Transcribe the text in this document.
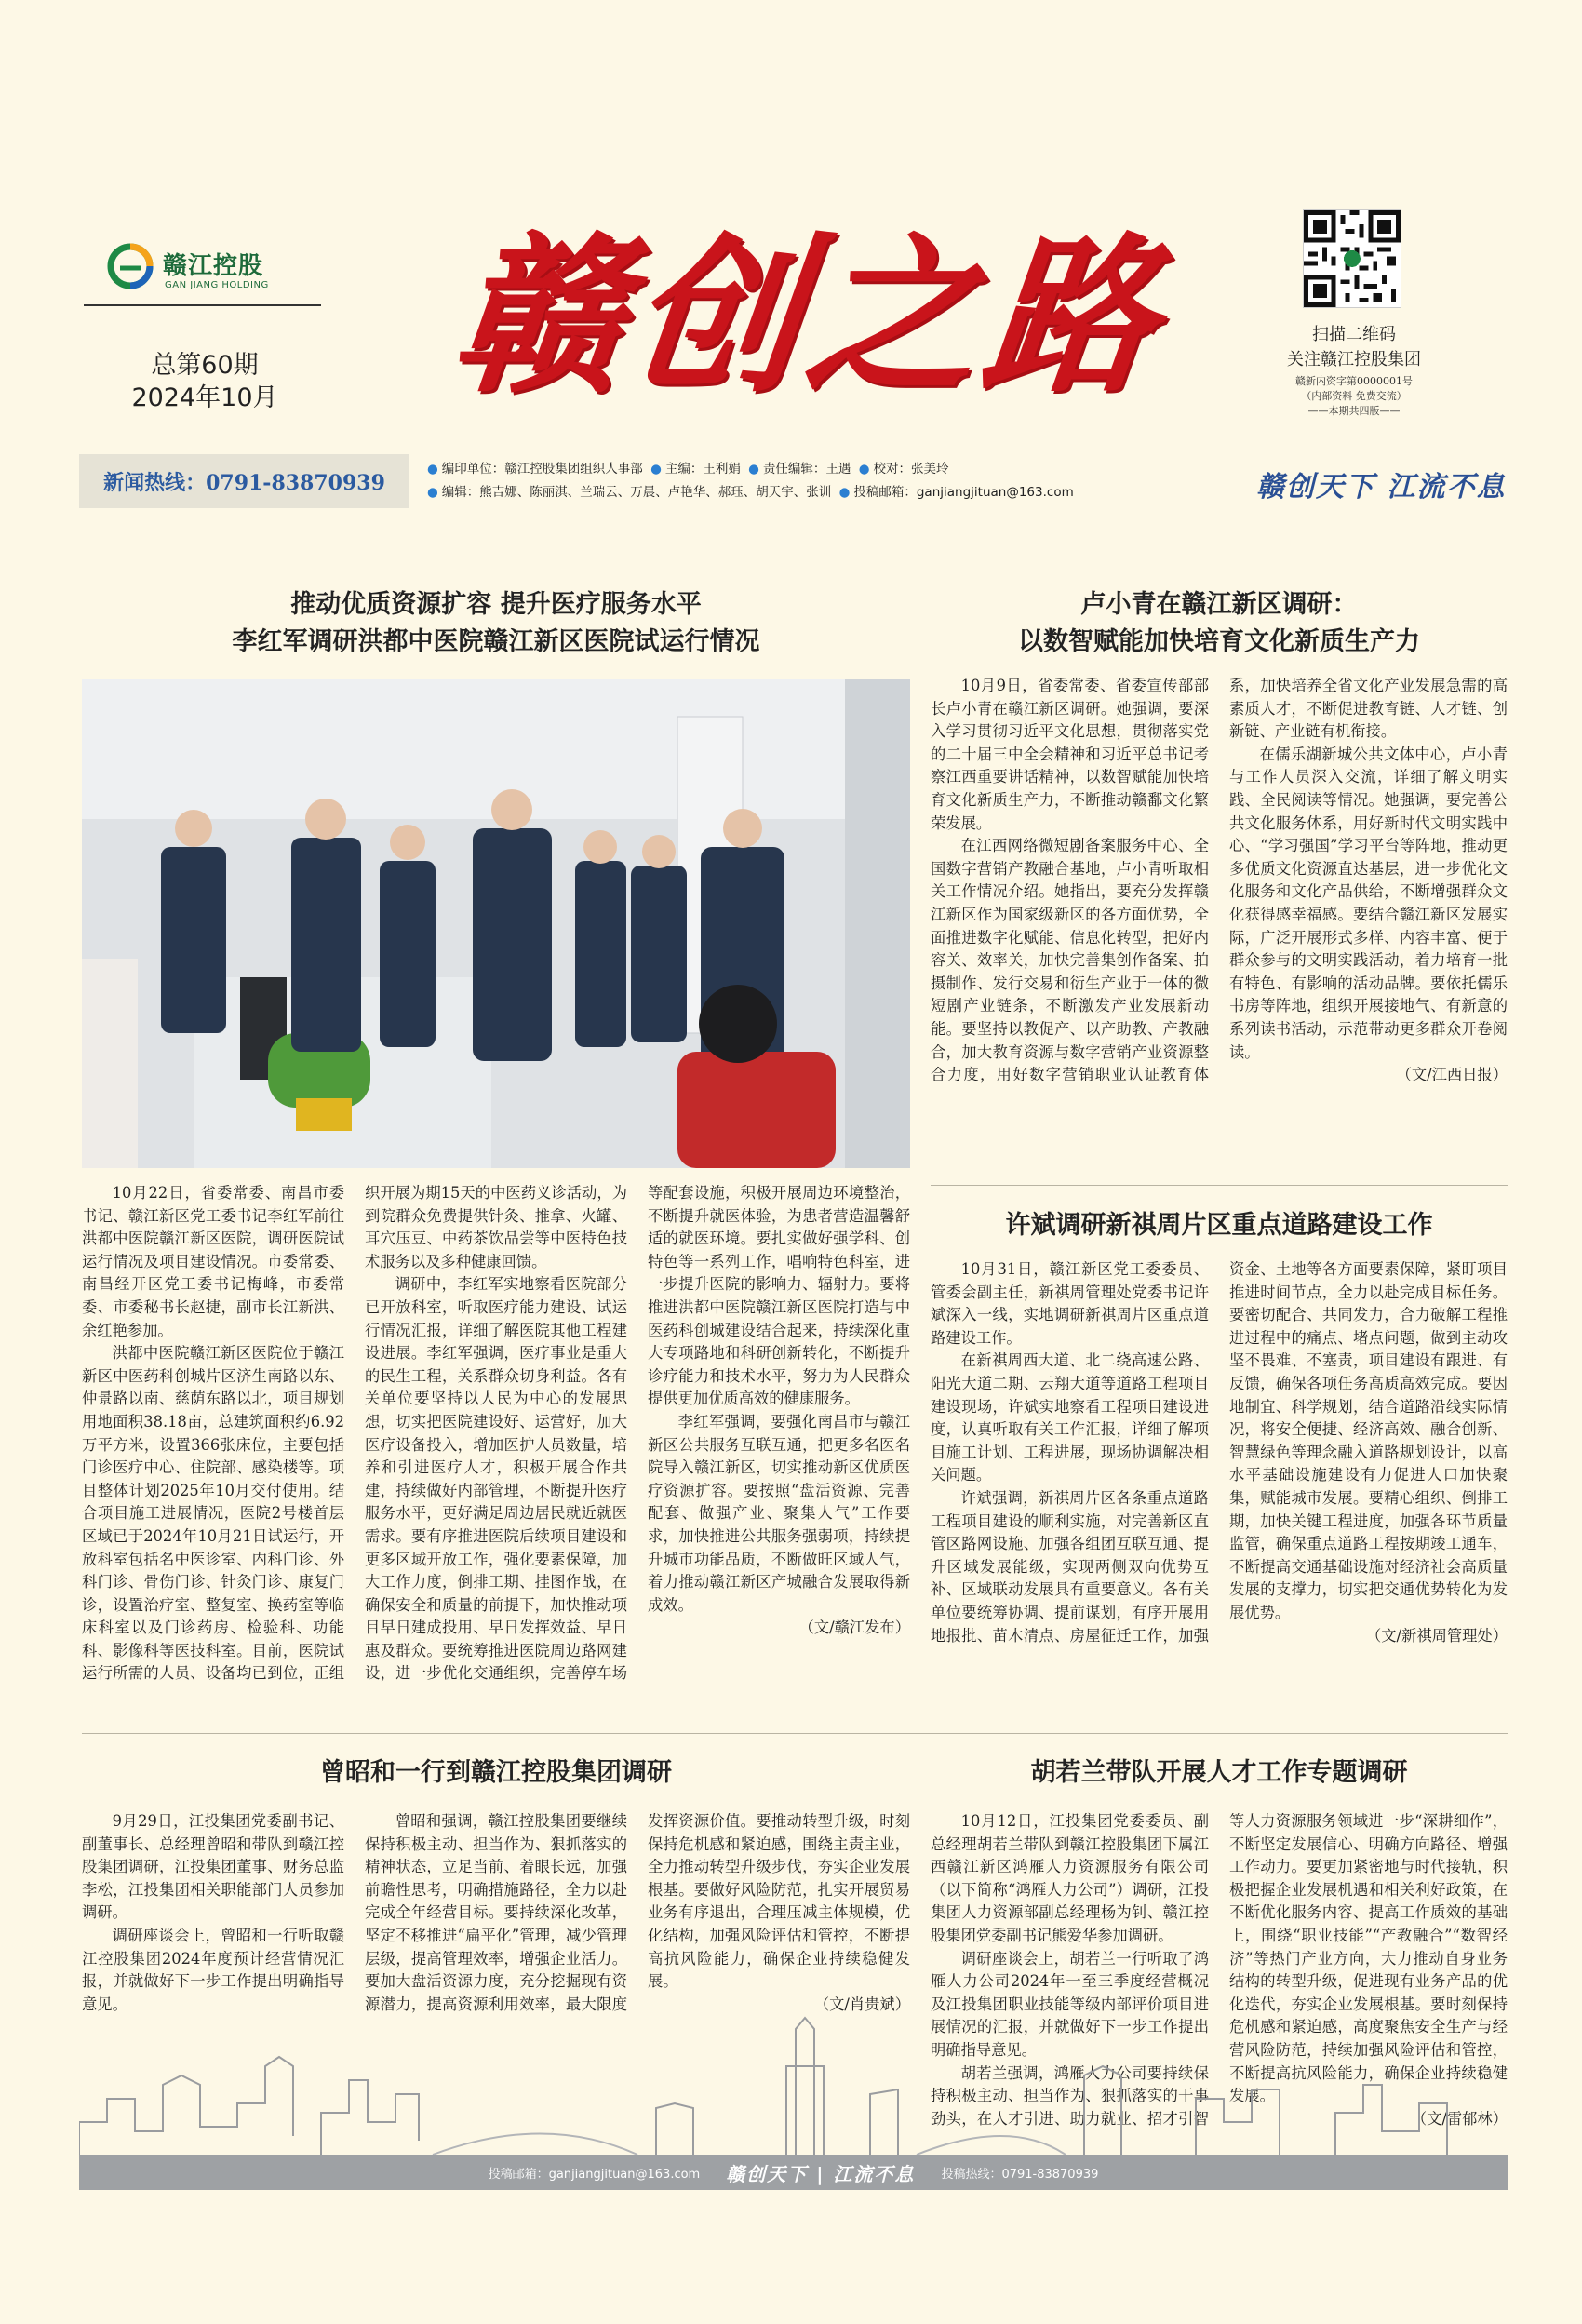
赣江控股
GAN JIANG HOLDING
总第60期
2024年10月 赣创之路	扫描二维码
关注赣江控股集团
赣新内资字第0000001号
（内部资料 免费交流）
——本期共四版——
新闻热线：0791-83870939
● 编印单位：赣江控股集团组织人事部 ● 主编：王利娟 ● 责任编辑：王遇 ● 校对：张美玲
● 编辑：熊吉娜、陈丽淇、兰瑞云、万晨、卢艳华、郝珏、胡天宇、张训 ● 投稿邮箱：ganjiangjituan@163.com	赣创天下 江流不息
推动优质资源扩容 提升医疗服务水平
李红军调研洪都中医院赣江新区医院试运行情况

10月22日，省委常委、南昌市委书记、赣江新区党工委书记李红军前往洪都中医院赣江新区医院，调研医院试运行情况及项目建设情况。市委常委、南昌经开区党工委书记梅峰，市委常委、市委秘书长赵捷，副市长江新洪、余红艳参加。

洪都中医院赣江新区医院位于赣江新区中医药科创城片区济生南路以东、仲景路以南、慈荫东路以北，项目规划用地面积38.18亩，总建筑面积约6.92万平方米，设置366张床位，主要包括门诊医疗中心、住院部、感染楼等。项目整体计划2025年10月交付使用。结合项目施工进展情况，医院2号楼首层区域已于2024年10月21日试运行，开放科室包括名中医诊室、内科门诊、外科门诊、骨伤门诊、针灸门诊、康复门诊，设置治疗室、整复室、换药室等临床科室以及门诊药房、检验科、功能科、影像科等医技科室。目前，医院试运行所需的人员、设备均已到位，正组织开展为期15天的中医药义诊活动，为到院群众免费提供针灸、推拿、火罐、耳穴压豆、中药茶饮品尝等中医特色技术服务以及多种健康回馈。

调研中，李红军实地察看医院部分已开放科室，听取医疗能力建设、试运行情况汇报，详细了解医院其他工程建设进展。李红军强调，医疗事业是重大的民生工程，关系群众切身利益。各有关单位要坚持以人民为中心的发展思想，切实把医院建设好、运营好，加大医疗设备投入，增加医护人员数量，培养和引进医疗人才，积极开展合作共建，持续做好内部管理，不断提升医疗服务水平，更好满足周边居民就近就医需求。要有序推进医院后续项目建设和更多区域开放工作，强化要素保障，加大工作力度，倒排工期、挂图作战，在确保安全和质量的前提下，加快推动项目早日建成投用、早日发挥效益、早日惠及群众。要统筹推进医院周边路网建设，进一步优化交通组织，完善停车场等配套设施，积极开展周边环境整治，不断提升就医体验，为患者营造温馨舒适的就医环境。要扎实做好强学科、创特色等一系列工作，唱响特色科室，进一步提升医院的影响力、辐射力。要将推进洪都中医院赣江新区医院打造与中医药科创城建设结合起来，持续深化重大专项路地和科研创新转化，不断提升诊疗能力和技术水平，努力为人民群众提供更加优质高效的健康服务。

李红军强调，要强化南昌市与赣江新区公共服务互联互通，把更多名医名院导入赣江新区，切实推动新区优质医疗资源扩容。要按照“盘活资源、完善配套、做强产业、聚集人气”工作要求，加快推进公共服务强弱项，持续提升城市功能品质，不断做旺区域人气，着力推动赣江新区产城融合发展取得新成效。

（文/赣江发布）
卢小青在赣江新区调研：
以数智赋能加快培育文化新质生产力

10月9日，省委常委、省委宣传部部长卢小青在赣江新区调研。她强调，要深入学习贯彻习近平文化思想，贯彻落实党的二十届三中全会精神和习近平总书记考察江西重要讲话精神，以数智赋能加快培育文化新质生产力，不断推动赣鄱文化繁荣发展。

在江西网络微短剧备案服务中心、全国数字营销产教融合基地，卢小青听取相关工作情况介绍。她指出，要充分发挥赣江新区作为国家级新区的各方面优势，全面推进数字化赋能、信息化转型，把好内容关、效率关，加快完善集创作备案、拍摄制作、发行交易和衍生产业于一体的微短剧产业链条，不断激发产业发展新动能。要坚持以教促产、以产助教、产教融合，加大教育资源与数字营销产业资源整合力度，用好数字营销职业认证教育体系，加快培养全省文化产业发展急需的高素质人才，不断促进教育链、人才链、创新链、产业链有机衔接。

在儒乐湖新城公共文体中心，卢小青与工作人员深入交流，详细了解文明实践、全民阅读等情况。她强调，要完善公共文化服务体系，用好新时代文明实践中心、“学习强国”学习平台等阵地，推动更多优质文化资源直达基层，进一步优化文化服务和文化产品供给，不断增强群众文化获得感幸福感。要结合赣江新区发展实际，广泛开展形式多样、内容丰富、便于群众参与的文明实践活动，着力培育一批有特色、有影响的活动品牌。要依托儒乐书房等阵地，组织开展接地气、有新意的系列读书活动，示范带动更多群众开卷阅读。

（文/江西日报）
许斌调研新祺周片区重点道路建设工作

10月31日，赣江新区党工委委员、管委会副主任，新祺周管理处党委书记许斌深入一线，实地调研新祺周片区重点道路建设工作。

在新祺周西大道、北二绕高速公路、阳光大道二期、云翔大道等道路工程项目建设现场，许斌实地察看工程项目建设进度，认真听取有关工作汇报，详细了解项目施工计划、工程进展，现场协调解决相关问题。

许斌强调，新祺周片区各条重点道路工程项目建设的顺利实施，对完善新区直管区路网设施、加强各组团互联互通、提升区域发展能级，实现两侧双向优势互补、区域联动发展具有重要意义。各有关单位要统筹协调、提前谋划，有序开展用地报批、苗木清点、房屋征迁工作，加强资金、土地等各方面要素保障，紧盯项目推进时间节点，全力以赴完成目标任务。要密切配合、共同发力，合力破解工程推进过程中的痛点、堵点问题，做到主动攻坚不畏难、不塞责，项目建设有跟进、有反馈，确保各项任务高质高效完成。要因地制宜、科学规划，结合道路沿线实际情况，将安全便捷、经济高效、融合创新、智慧绿色等理念融入道路规划设计，以高水平基础设施建设有力促进人口加快聚集，赋能城市发展。要精心组织、倒排工期，加快关键工程进度，加强各环节质量监管，确保重点道路工程按期竣工通车，不断提高交通基础设施对经济社会高质量发展的支撑力，切实把交通优势转化为发展优势。

（文/新祺周管理处）
曾昭和一行到赣江控股集团调研

9月29日，江投集团党委副书记、副董事长、总经理曾昭和带队到赣江控股集团调研，江投集团董事、财务总监李松，江投集团相关职能部门人员参加调研。

调研座谈会上，曾昭和一行听取赣江控股集团2024年度预计经营情况汇报，并就做好下一步工作提出明确指导意见。

曾昭和强调，赣江控股集团要继续保持积极主动、担当作为、狠抓落实的精神状态，立足当前、着眼长远，加强前瞻性思考，明确措施路径，全力以赴完成全年经营目标。要持续深化改革，坚定不移推进“扁平化”管理，减少管理层级，提高管理效率，增强企业活力。要加大盘活资源力度，充分挖掘现有资源潜力，提高资源利用效率，最大限度发挥资源价值。要推动转型升级，时刻保持危机感和紧迫感，围绕主责主业，全力推动转型升级步伐，夯实企业发展根基。要做好风险防范，扎实开展贸易业务有序退出，合理压减主体规模，优化结构，加强风险评估和管控，不断提高抗风险能力，确保企业持续稳健发展。

（文/肖贵斌）
胡若兰带队开展人才工作专题调研

10月12日，江投集团党委委员、副总经理胡若兰带队到赣江控股集团下属江西赣江新区鸿雁人力资源服务有限公司（以下简称“鸿雁人力公司”）调研，江投集团人力资源部副总经理杨为钊、赣江控股集团党委副书记熊爱华参加调研。

调研座谈会上，胡若兰一行听取了鸿雁人力公司2024年一至三季度经营概况及江投集团职业技能等级内部评价项目进展情况的汇报，并就做好下一步工作提出明确指导意见。

胡若兰强调，鸿雁人力公司要持续保持积极主动、担当作为、狠抓落实的干事劲头，在人才引进、助力就业、招才引智等人力资源服务领域进一步“深耕细作”，不断坚定发展信心、明确方向路径、增强工作动力。要更加紧密地与时代接轨，积极把握企业发展机遇和相关利好政策，在不断优化服务内容、提高工作质效的基础上，围绕“职业技能”“产教融合”“数智经济”等热门产业方向，大力推动自身业务结构的转型升级，促进现有业务产品的优化迭代，夯实企业发展根基。要时刻保持危机感和紧迫感，高度聚焦安全生产与经营风险防范，持续加强风险评估和管控，不断提高抗风险能力，确保企业持续稳健发展。

（文/雷郁林）
投稿邮箱：ganjiangjituan@163.com 赣创天下 | 江流不息 投稿热线：0791-83870939
